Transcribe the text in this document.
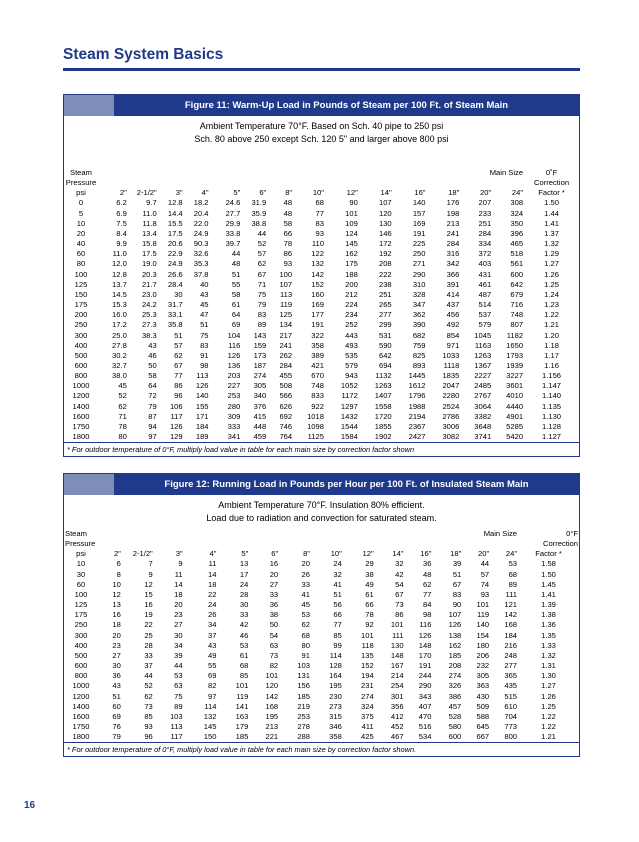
Steam System Basics
Figure 11: Warm-Up Load in Pounds of Steam per 100 Ft. of Steam Main
Ambient Temperature 70°F. Based on Sch. 40 pipe to 250 psi
Sch. 80 above 250 except Sch. 120 5" and larger above 800 psi
Steam	Main Size														0˚F
Pressure															Correction
psi	2"	2-1/2"	3"	4"	5"	6"	8"	10"	12"	14"	16"	18"	20"	24"	Factor *
0	6.2	9.7	12.8	18.2	24.6	31.9	48	68	90	107	140	176	207	308	1.50
5	6.9	11.0	14.4	20.4	27.7	35.9	48	77	101	120	157	198	233	324	1.44
10	7.5	11.8	15.5	22.0	29.9	38.8	58	83	109	130	169	213	251	350	1.41
20	8.4	13.4	17.5	24.9	33.8	44	66	93	124	146	191	241	284	396	1.37
40	9.9	15.8	20.6	90.3	39.7	52	78	110	145	172	225	284	334	465	1.32
60	11.0	17.5	22.9	32.6	44	57	86	122	162	192	250	316	372	518	1.29
80	12.0	19.0	24.9	35.3	48	62	93	132	175	208	271	342	403	561	1.27
100	12.8	20.3	26.6	37.8	51	67	100	142	188	222	290	366	431	600	1.26
125	13.7	21.7	28.4	40	55	71	107	152	200	238	310	391	461	642	1.25
150	14.5	23.0	30	43	58	75	113	160	212	251	328	414	487	679	1.24
175	15.3	24.2	31.7	45	61	79	119	169	224	265	347	437	514	716	1.23
200	16.0	25.3	33.1	47	64	83	125	177	234	277	362	456	537	748	1.22
250	17.2	27.3	35.8	51	69	89	134	191	252	299	390	492	579	807	1.21
300	25.0	38.3	51	75	104	143	217	322	443	531	682	854	1045	1182	1.20
400	27.8	43	57	83	116	159	241	358	493	590	759	971	1163	1650	1.18
500	30.2	46	62	91	126	173	262	389	535	642	825	1033	1263	1793	1.17
600	32.7	50	67	98	136	187	284	421	579	694	893	1118	1367	1939	1.16
800	38.0	58	77	113	203	274	455	670	943	1132	1445	1835	2227	3227	1.156
1000	45	64	86	126	227	305	508	748	1052	1263	1612	2047	2485	3601	1.147
1200	52	72	96	140	253	340	566	833	1172	1407	1796	2280	2767	4010	1.140
1400	62	79	106	155	280	376	626	922	1297	1558	1988	2524	3064	4440	1.135
1600	71	87	117	171	309	415	692	1018	1432	1720	2194	2786	3382	4901	1.130
1750	78	94	126	184	333	448	746	1098	1544	1855	2367	3006	3648	5285	1.128
1800	80	97	129	189	341	459	764	1125	1584	1902	2427	3082	3741	5420	1.127
* For outdoor temperature of 0°F, multiply load value in table for each main size by correction factor shown
Figure 12: Running Load in Pounds per Hour per 100 Ft. of Insulated Steam Main
Ambient Temperature 70°F. Insulation 80% efficient.
Load due to radiation and convection for saturated steam.
Steam	Main Size														0°F
Pressure															Correction
psi	2"	2-1/2"	3"	4"	5"	6"	8"	10"	12"	14"	16"	18"	20"	24"	Factor *
10	6	7	9	11	13	16	20	24	29	32	36	39	44	53	1.58
30	8	9	11	14	17	20	26	32	38	42	48	51	57	68	1.50
60	10	12	14	18	24	27	33	41	49	54	62	67	74	89	1.45
100	12	15	18	22	28	33	41	51	61	67	77	83	93	111	1.41
125	13	16	20	24	30	36	45	56	66	73	84	90	101	121	1.39
175	16	19	23	26	33	38	53	66	78	86	98	107	119	142	1.38
250	18	22	27	34	42	50	62	77	92	101	116	126	140	168	1.36
300	20	25	30	37	46	54	68	85	101	111	126	138	154	184	1.35
400	23	28	34	43	53	63	80	99	118	130	148	162	180	216	1.33
500	27	33	39	49	61	73	91	114	135	148	170	185	206	248	1.32
600	30	37	44	55	68	82	103	128	152	167	191	208	232	277	1.31
800	36	44	53	69	85	101	131	164	194	214	244	274	305	365	1.30
1000	43	52	63	82	101	120	156	195	231	254	290	326	363	435	1.27
1200	51	62	75	97	119	142	185	230	274	301	343	386	430	515	1.26
1400	60	73	89	114	141	168	219	273	324	356	407	457	509	610	1.25
1600	69	85	103	132	163	195	253	315	375	412	470	528	588	704	1.22
1750	76	93	113	145	179	213	278	346	411	452	516	580	645	773	1.22
1800	79	96	117	150	185	221	288	358	425	467	534	600	667	800	1.21
* For outdoor temperature of 0°F, multiply load value in table for each main size by correction factor shown.
16
